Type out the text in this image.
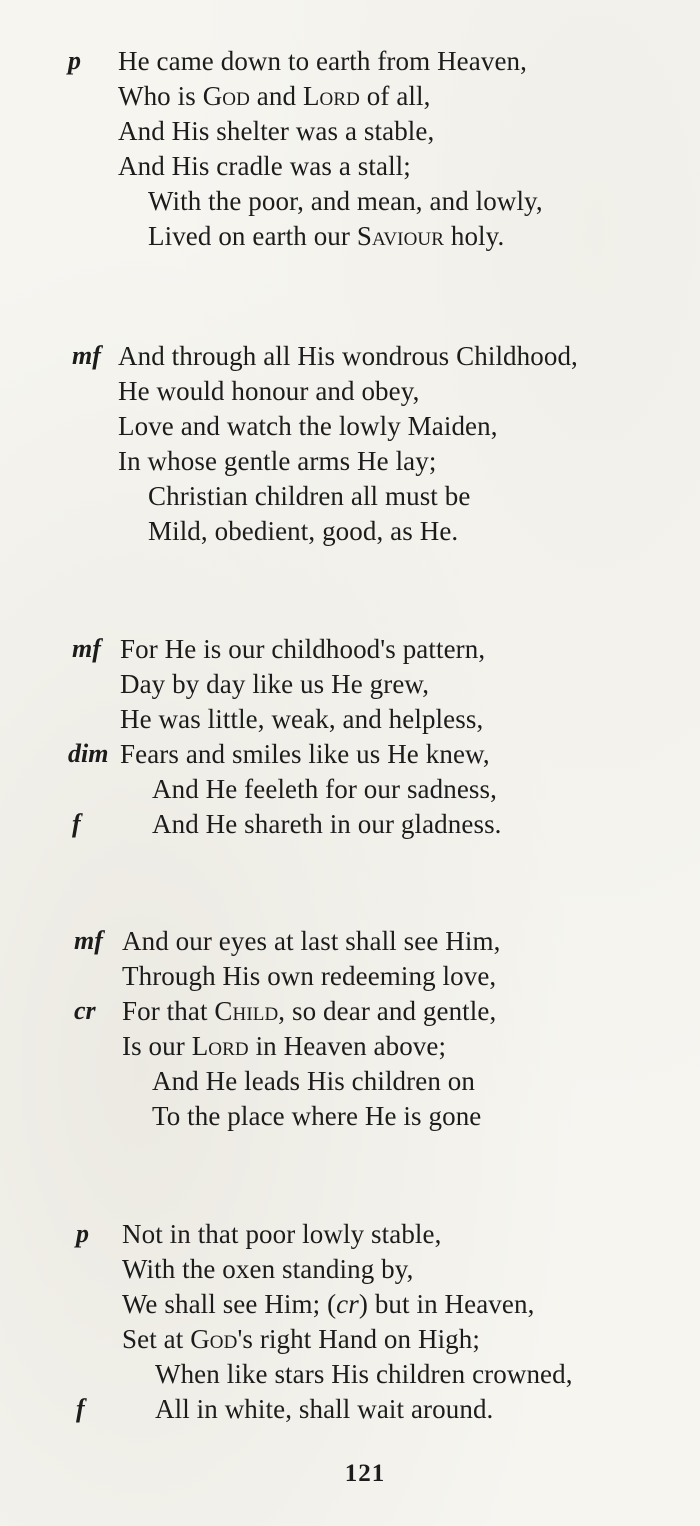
He came down to earth from Heaven,
Who is God and Lord of all,
And His shelter was a stable,
And His cradle was a stall;
With the poor, and mean, and lowly,
Lived on earth our Saviour holy.
p
And through all His wondrous Childhood,
He would honour and obey,
Love and watch the lowly Maiden,
In whose gentle arms He lay;
Christian children all must be
Mild, obedient, good, as He.
mf
For He is our childhood's pattern,
Day by day like us He grew,
He was little, weak, and helpless,
Fears and smiles like us He knew,
And He feeleth for our sadness,
And He shareth in our gladness.
mf
dim
f
And our eyes at last shall see Him,
Through His own redeeming love,
For that Child, so dear and gentle,
Is our Lord in Heaven above;
And He leads His children on
To the place where He is gone
mf
cr
Not in that poor lowly stable,
With the oxen standing by,
We shall see Him; (cr) but in Heaven,
Set at God's right Hand on High;
When like stars His children crowned,
All in white, shall wait around.
p
f
121
